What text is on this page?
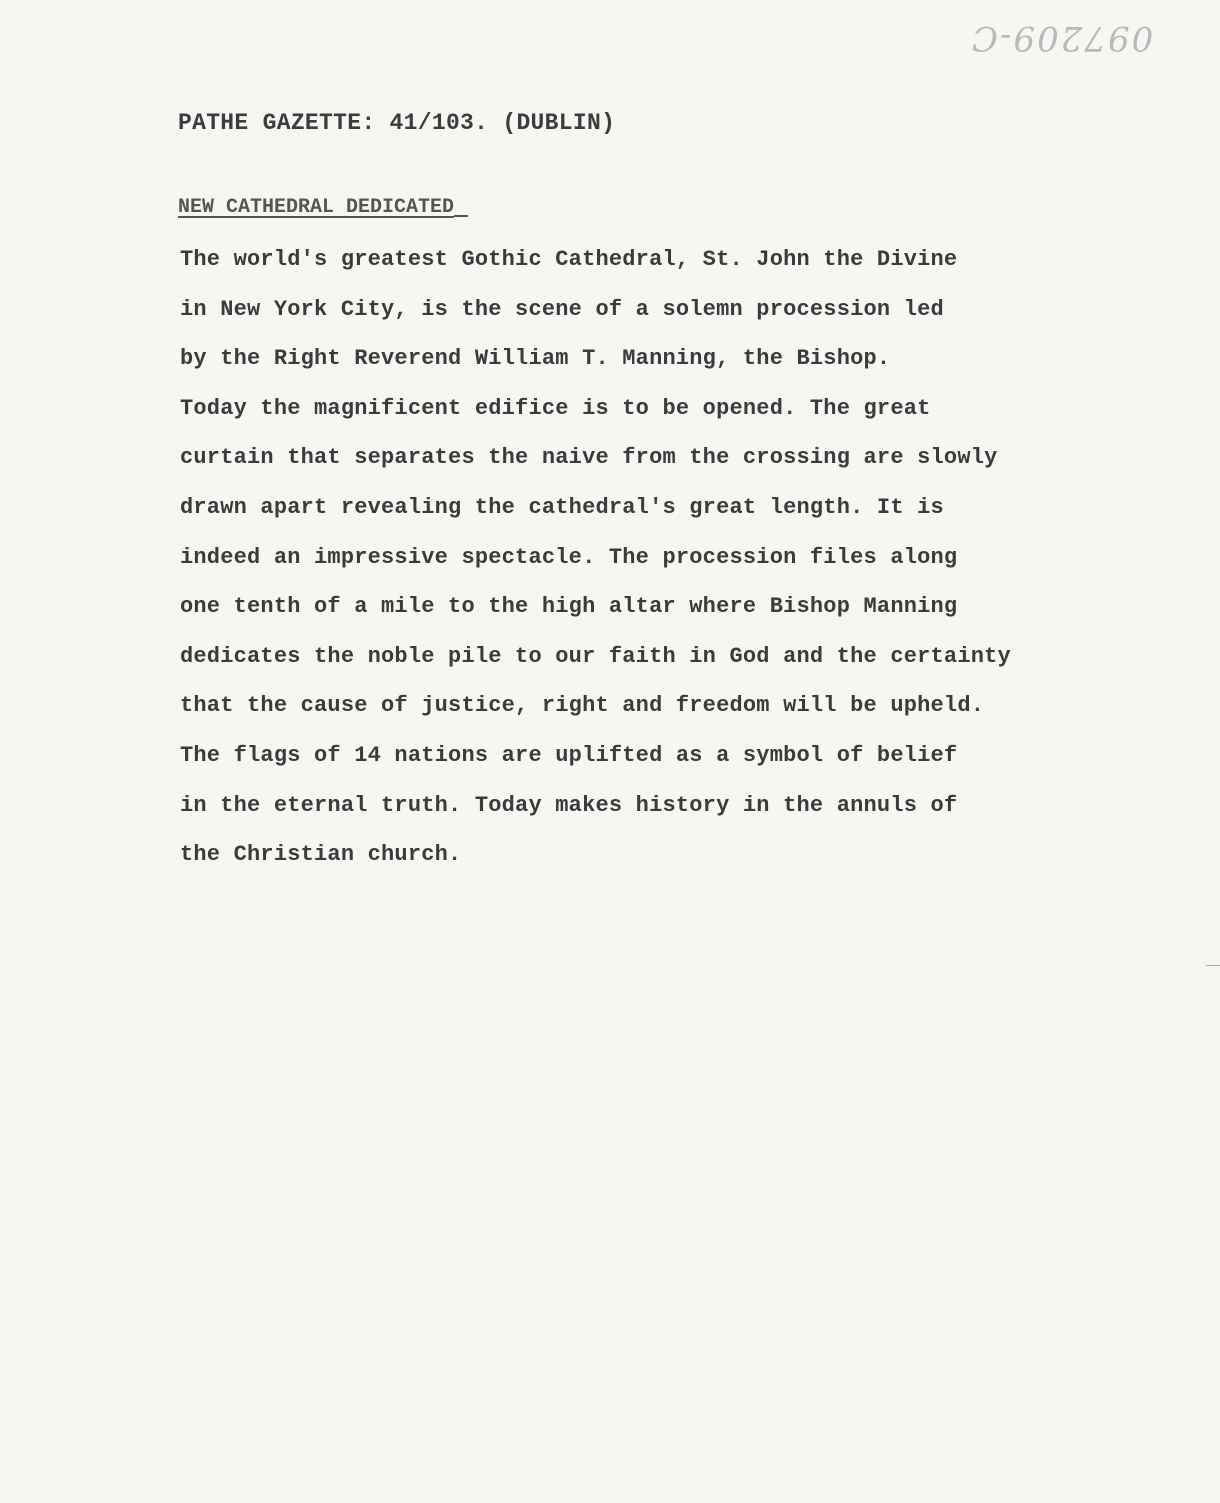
097209-C
PATHE GAZETTE: 41/103. (DUBLIN)
NEW CATHEDRAL DEDICATED
The world's greatest Gothic Cathedral, St. John the Divine
in New York City, is the scene of a solemn procession led
by the Right Reverend William T. Manning, the Bishop.
Today the magnificent edifice is to be opened. The great
curtain that separates the naive from the crossing are slowly
drawn apart revealing the cathedral's great length. It is
indeed an impressive spectacle. The procession files along
one tenth of a mile to the high altar where Bishop Manning
dedicates the noble pile to our faith in God and the certainty
that the cause of justice, right and freedom will be upheld.
The flags of 14 nations are uplifted as a symbol of belief
in the eternal truth. Today makes history in the annuls of
the Christian church.
